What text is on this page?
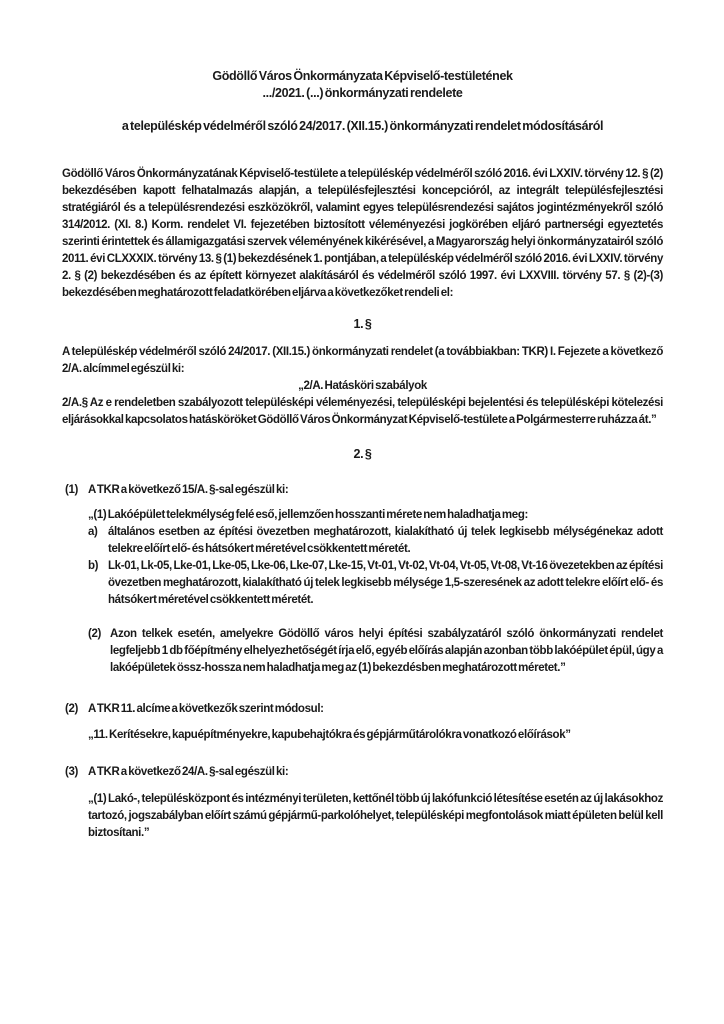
Gödöllő Város Önkormányzata Képviselő-testületének
.../2021. (...) önkormányzati rendelete
a településkép védelméről szóló 24/2017. (XII.15.) önkormányzati rendelet módosításáról
Gödöllő Város Önkormányzatának Képviselő-testülete a településkép védelméről szóló 2016. évi LXXIV. törvény 12. § (2) bekezdésében kapott felhatalmazás alapján, a településfejlesztési koncepcióról, az integrált településfejlesztési stratégiáról és a településrendezési eszközökről, valamint egyes településrendezési sajátos jogintézményekről szóló 314/2012. (XI. 8.) Korm. rendelet VI. fejezetében biztosított véleményezési jogkörében eljáró partnerségi egyeztetés szerinti érintettek és államigazgatási szervek véleményének kikérésével, a Magyarország helyi önkormányzatairól szóló 2011. évi CLXXXIX. törvény 13. § (1) bekezdésének 1. pontjában, a településkép védelméről szóló 2016. évi LXXIV. törvény 2. § (2) bekezdésében és az épített környezet alakításáról és védelméről szóló 1997. évi LXXVIII. törvény 57. § (2)-(3) bekezdésében meghatározott feladatkörében eljárva a következőket rendeli el:
1. §
A településkép védelméről szóló 24/2017. (XII.15.) önkormányzati rendelet (a továbbiakban: TKR) I. Fejezete a következő 2/A. alcímmel egészül ki:
„2/A. Hatásköri szabályok
2/A.§ Az e rendeletben szabályozott településképi véleményezési, településképi bejelentési és településképi kötelezési eljárásokkal kapcsolatos hatásköröket Gödöllő Város Önkormányzat Képviselő-testülete a Polgármesterre ruházza át.”
2. §
(1) A TKR a következő 15/A. §-sal egészül ki:
„(1) Lakóépület telekmélység felé eső, jellemzően hosszanti mérete nem haladhatja meg:
a) általános esetben az építési övezetben meghatározott, kialakítható új telek legkisebb mélységénekaz adott telekre előírt elő- és hátsókert méretével csökkentett méretét.
b) Lk-01, Lk-05, Lke-01, Lke-05, Lke-06, Lke-07, Lke-15, Vt-01, Vt-02, Vt-04, Vt-05, Vt-08, Vt-16 övezetekben az építési övezetben meghatározott, kialakítható új telek legkisebb mélysége 1,5-szeresének az adott telekre előírt elő- és hátsókert méretével csökkentett méretét.
(2) Azon telkek esetén, amelyekre Gödöllő város helyi építési szabályzatáról szóló önkormányzati rendelet legfeljebb 1 db főépítmény elhelyezhetőségét írja elő, egyéb előírás alapján azonban több lakóépület épül, úgy a lakóépületek össz-hossza nem haladhatja meg az (1) bekezdésben meghatározott méretet.”
(2) A TKR 11. alcíme a következők szerint módosul:
„11. Kerítésekre, kapuépítményekre, kapubehajtókra és gépjárműtárolókra vonatkozó előírások”
(3) A TKR a következő 24/A. §-sal egészül ki:
„(1) Lakó-, településközpont és intézményi területen, kettőnél több új lakófunkció létesítése esetén az új lakásokhoz tartozó, jogszabályban előírt számú gépjármű-parkolóhelyet, településképi megfontolások miatt épületen belül kell biztosítani.”
